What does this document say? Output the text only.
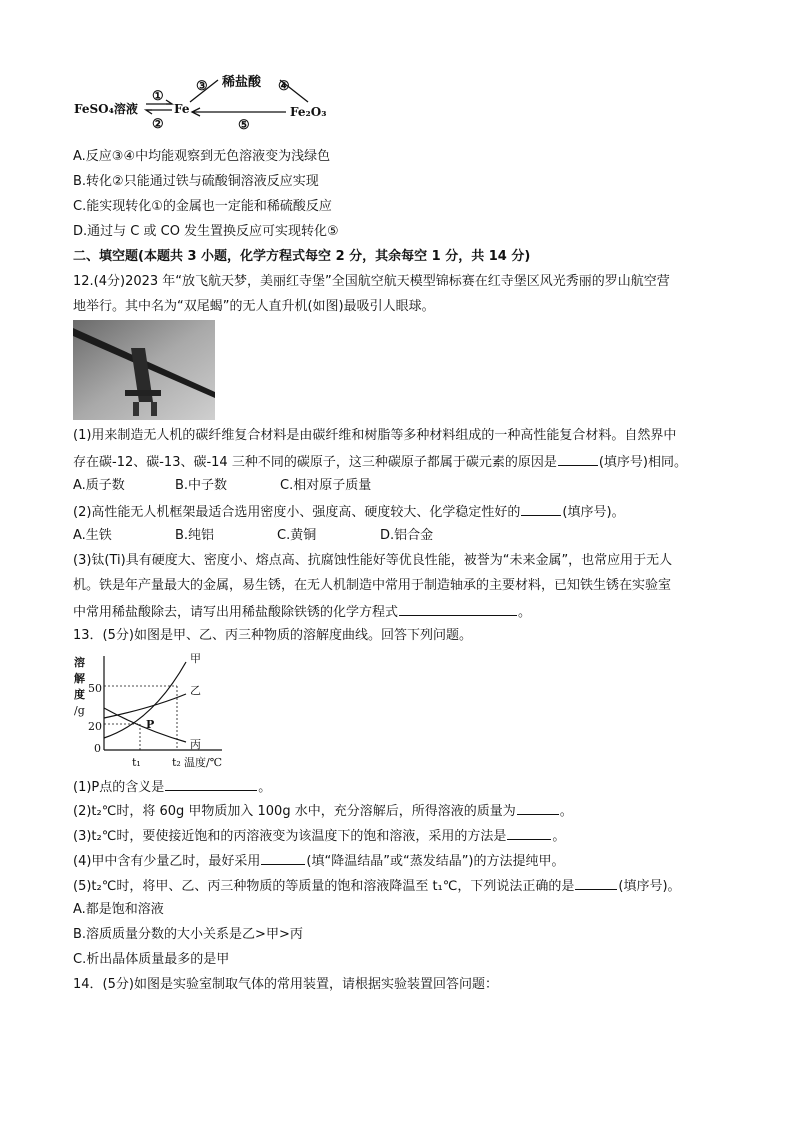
FeSO₄溶液	Fe	Fe₂O₃
稀盐酸
①
②
③	④
⑤
A.反应③④中均能观察到无色溶液变为浅绿色
B.转化②只能通过铁与硫酸铜溶液反应实现
C.能实现转化①的金属也一定能和稀硫酸反应
D.通过与 C 或 CO 发生置换反应可实现转化⑤
二、填空题(本题共 3 小题，化学方程式每空 2 分，其余每空 1 分，共 14 分)
12.(4分)2023 年“放飞航天梦，美丽红寺堡”全国航空航天模型锦标赛在红寺堡区风光秀丽的罗山航空营
地举行。其中名为“双尾蝎”的无人直升机(如图)最吸引人眼球。
(1)用来制造无人机的碳纤维复合材料是由碳纤维和树脂等多种材料组成的一种高性能复合材料。自然界中
存在碳-12、碳-13、碳-14 三种不同的碳原子，这三种碳原子都属于碳元素的原因是	(填序号)相同。
A.质子数	B.中子数	C.相对原子质量
(2)高性能无人机框架最适合选用密度小、强度高、硬度较大、化学稳定性好的	(填序号)。
A.生铁	B.纯铝	C.黄铜	D.铝合金
(3)钛(Ti)具有硬度大、密度小、熔点高、抗腐蚀性能好等优良性能，被誉为“未来金属”，也常应用于无人
机。铁是年产量最大的金属，易生锈，在无人机制造中常用于制造轴承的主要材料，已知铁生锈在实验室
中常用稀盐酸除去，请写出用稀盐酸除铁锈的化学方程式	。
13．(5分)如图是甲、乙、丙三种物质的溶解度曲线。回答下列问题。
溶
解
度
/g
50
20
0
t₁	t₂ 温度/℃
甲
乙
丙
P
(1)P点的含义是	。
(2)t₂℃时，将 60g 甲物质加入 100g 水中，充分溶解后，所得溶液的质量为	。
(3)t₂℃时，要使接近饱和的丙溶液变为该温度下的饱和溶液，采用的方法是	。
(4)甲中含有少量乙时，最好采用	(填“降温结晶”或“蒸发结晶”)的方法提纯甲。
(5)t₂℃时，将甲、乙、丙三种物质的等质量的饱和溶液降温至 t₁℃，下列说法正确的是	(填序号)。
A.都是饱和溶液
B.溶质质量分数的大小关系是乙>甲>丙
C.析出晶体质量最多的是甲
14．(5分)如图是实验室制取气体的常用装置，请根据实验装置回答问题：
